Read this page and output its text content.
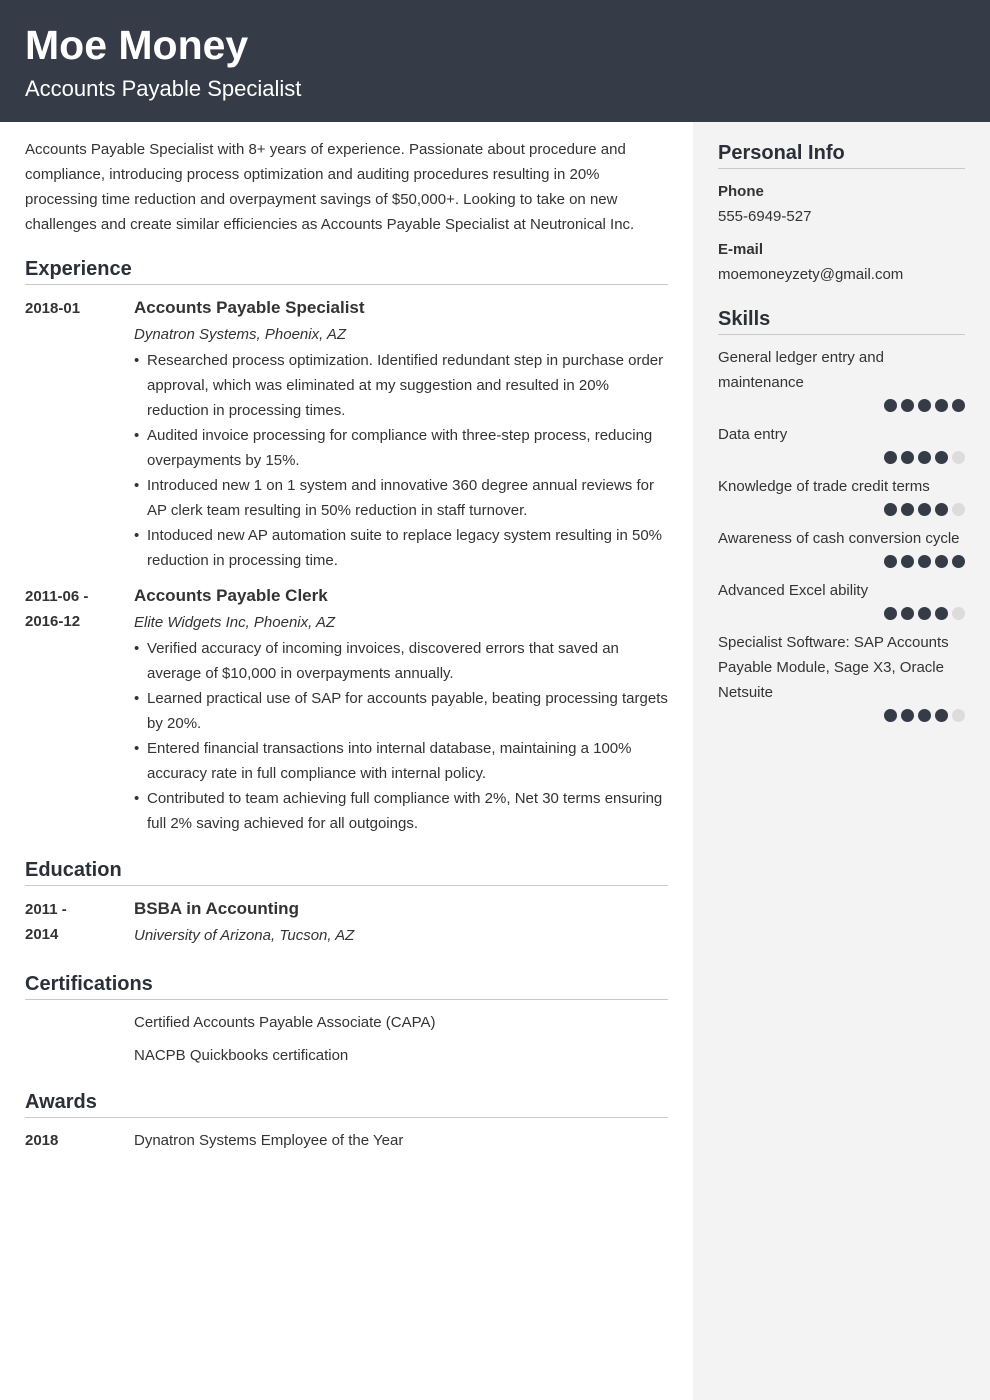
Moe Money
Accounts Payable Specialist

Accounts Payable Specialist with 8+ years of experience. Passionate about procedure and compliance, introducing process optimization and auditing procedures resulting in 20% processing time reduction and overpayment savings of $50,000+. Looking to take on new challenges and create similar efficiencies as Accounts Payable Specialist at Neutronical Inc.

Experience
2018-01	Accounts Payable Specialist
Dynatron Systems, Phoenix, AZ
• Researched process optimization. Identified redundant step in purchase order approval, which was eliminated at my suggestion and resulted in 20% reduction in processing times.
• Audited invoice processing for compliance with three-step process, reducing overpayments by 15%.
• Introduced new 1 on 1 system and innovative 360 degree annual reviews for AP clerk team resulting in 50% reduction in staff turnover.
• Intoduced new AP automation suite to replace legacy system resulting in 50% reduction in processing time.
2011-06 -
2016-12
Accounts Payable Clerk
Elite Widgets Inc, Phoenix, AZ
• Verified accuracy of incoming invoices, discovered errors that saved an average of $10,000 in overpayments annually.
• Learned practical use of SAP for accounts payable, beating processing targets by 20%.
• Entered financial transactions into internal database, maintaining a 100% accuracy rate in full compliance with internal policy.
• Contributed to team achieving full compliance with 2%, Net 30 terms ensuring full 2% saving achieved for all outgoings.
Education
2011 -
2014
BSBA in Accounting
University of Arizona, Tucson, AZ
Certifications
Certified Accounts Payable Associate (CAPA)
NACPB Quickbooks certification
Awards
2018	Dynatron Systems Employee of the Year
Personal Info
Phone
555-6949-527
E-mail
moemoneyzety@gmail.com
Skills
General ledger entry and maintenance
Data entry
Knowledge of trade credit terms
Awareness of cash conversion cycle
Advanced Excel ability
Specialist Software: SAP Accounts Payable Module, Sage X3, Oracle Netsuite
